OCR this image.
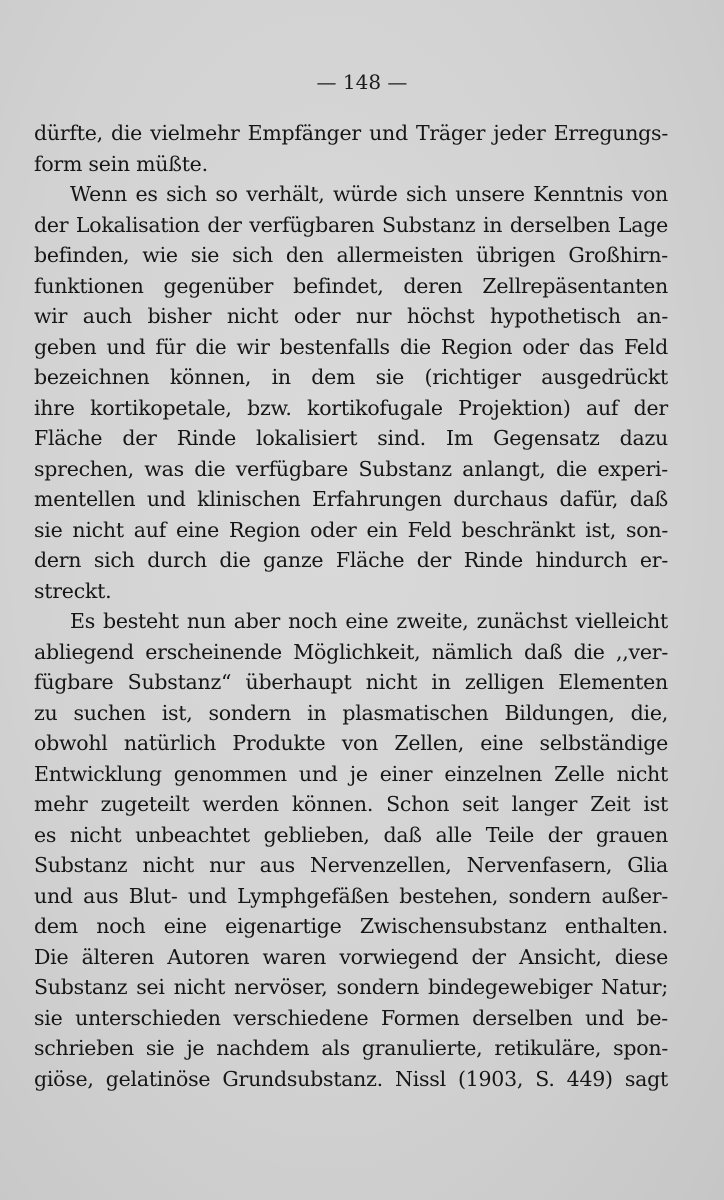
— 148 —
dürfte, die vielmehr Empfänger und Träger jeder Erregungs-
form sein müßte.
Wenn es sich so verhält, würde sich unsere Kenntnis von
der Lokalisation der verfügbaren Substanz in derselben Lage
befinden, wie sie sich den allermeisten übrigen Großhirn-
funktionen gegenüber befindet, deren Zellrepäsentanten
wir auch bisher nicht oder nur höchst hypothetisch an-
geben und für die wir bestenfalls die Region oder das Feld
bezeichnen können, in dem sie (richtiger ausgedrückt
ihre kortikopetale, bzw. kortikofugale Projektion) auf der
Fläche der Rinde lokalisiert sind. Im Gegensatz dazu
sprechen, was die verfügbare Substanz anlangt, die experi-
mentellen und klinischen Erfahrungen durchaus dafür, daß
sie nicht auf eine Region oder ein Feld beschränkt ist, son-
dern sich durch die ganze Fläche der Rinde hindurch er-
streckt.
Es besteht nun aber noch eine zweite, zunächst vielleicht
abliegend erscheinende Möglichkeit, nämlich daß die ,,ver-
fügbare Substanz“ überhaupt nicht in zelligen Elementen
zu suchen ist, sondern in plasmatischen Bildungen, die,
obwohl natürlich Produkte von Zellen, eine selbständige
Entwicklung genommen und je einer einzelnen Zelle nicht
mehr zugeteilt werden können. Schon seit langer Zeit ist
es nicht unbeachtet geblieben, daß alle Teile der grauen
Substanz nicht nur aus Nervenzellen, Nervenfasern, Glia
und aus Blut- und Lymphgefäßen bestehen, sondern außer-
dem noch eine eigenartige Zwischensubstanz enthalten.
Die älteren Autoren waren vorwiegend der Ansicht, diese
Substanz sei nicht nervöser, sondern bindegewebiger Natur;
sie unterschieden verschiedene Formen derselben und be-
schrieben sie je nachdem als granulierte, retikuläre, spon-
giöse, gelatinöse Grundsubstanz. Nissl (1903, S. 449) sagt
